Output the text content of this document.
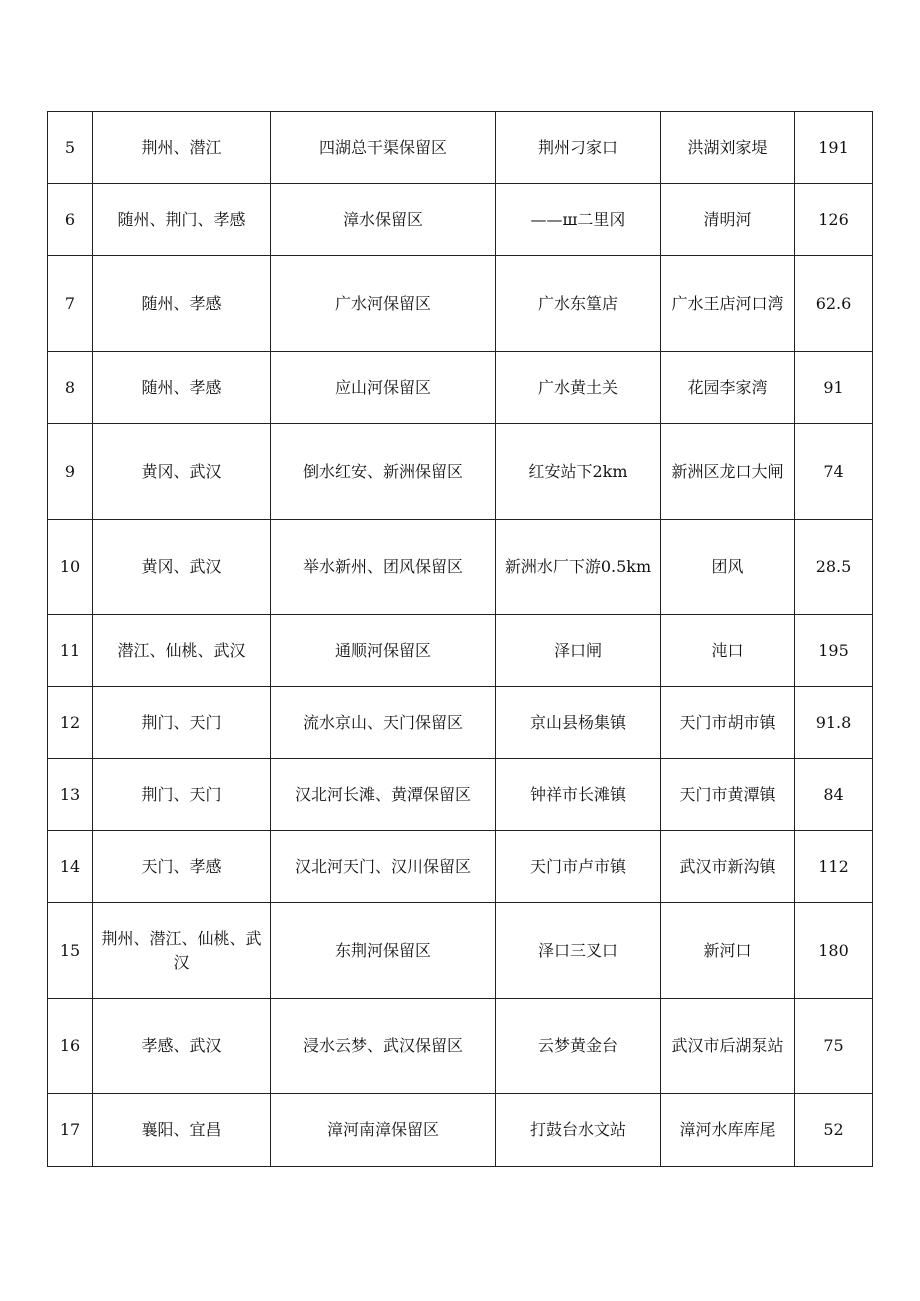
5	荆州、潜江	四湖总干渠保留区	荆州刁家口	洪湖刘家堤	191
6	随州、荆门、孝感	漳水保留区	——ш二里冈	清明河	126
7	随州、孝感	广水河保留区	广水东篁店	广水王店河口湾	62.6
8	随州、孝感	应山河保留区	广水黄土关	花园李家湾	91
9	黄冈、武汉	倒水红安、新洲保留区	红安站下2km	新洲区龙口大闸	74
10	黄冈、武汉	举水新州、团风保留区	新洲水厂下游0.5km	团风	28.5
11	潜江、仙桃、武汉	通顺河保留区	泽口闸	沌口	195
12	荆门、天门	流水京山、天门保留区	京山县杨集镇	天门市胡市镇	91.8
13	荆门、天门	汉北河长滩、黄潭保留区	钟祥市长滩镇	天门市黄潭镇	84
14	天门、孝感	汉北河天门、汉川保留区	天门市卢市镇	武汉市新沟镇	112
15	荆州、潜江、仙桃、武汉	东荆河保留区	泽口三叉口	新河口	180
16	孝感、武汉	浸水云梦、武汉保留区	云梦黄金台	武汉市后湖泵站	75
17	襄阳、宜昌	漳河南漳保留区	打鼓台水文站	漳河水库库尾	52
